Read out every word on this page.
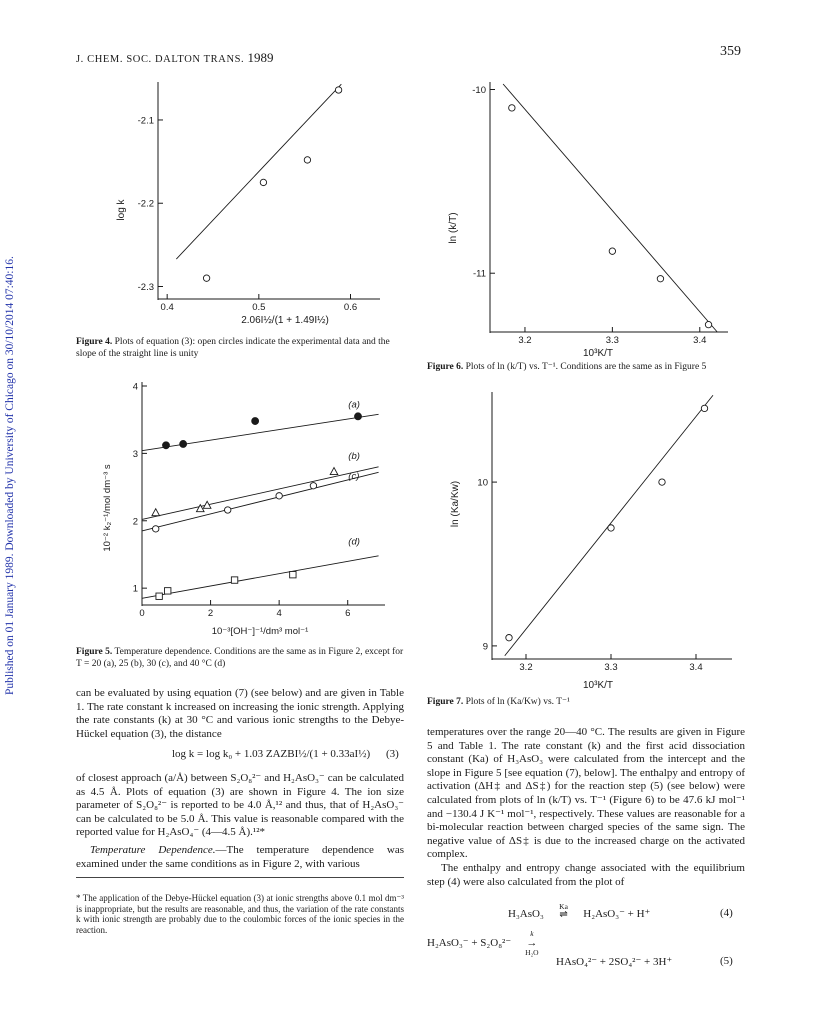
J. CHEM. SOC. DALTON TRANS. 1989	359
Published on 01 January 1989. Downloaded by University of Chicago on 30/10/2014 07:40:16.
-2.1
-2.2
-2.3
0.4	0.5	0.6
log k
2.06I½/(1 + 1.49I½)
Figure 4. Plots of equation (3): open circles indicate the experimental data and the slope of the straight line is unity
4
3
2
1
0	2	4	6
(a)
(b)
(c)
(d)
10⁻² k₂⁻¹/mol dm⁻³ s
10⁻³[OH⁻]⁻¹/dm³ mol⁻¹
Figure 5. Temperature dependence. Conditions are the same as in Figure 2, except for T = 20 (a), 25 (b), 30 (c), and 40 °C (d)

can be evaluated by using equation (7) (see below) and are given in Table 1. The rate constant k increased on increasing the ionic strength. Applying the rate constants (k) at 30 °C and various ionic strengths to the Debye-Hückel equation (3), the distance

log k = log k₀ + 1.03 ZAZBI½/(1 + 0.33aI½) (3)

of closest approach (a/Å) between S₂O₈²⁻ and H₂AsO₃⁻ can be calculated as 4.5 Å. Plots of equation (3) are shown in Figure 4. The ion size parameter of S₂O₈²⁻ is reported to be 4.0 Å,¹² and thus, that of H₂AsO₃⁻ can be calculated to be 5.0 Å. This value is reasonable compared with the reported value for H₂AsO₄⁻ (4—4.5 Å).¹²*

Temperature Dependence.—The temperature dependence was examined under the same conditions as in Figure 2, with various

* The application of the Debye-Hückel equation (3) at ionic strengths above 0.1 mol dm⁻³ is inappropriate, but the results are reasonable, and thus, the variation of the rate constants k with ionic strength are probably due to the coulombic forces of the ionic species in the reaction.
-10
-11
3.2	3.3	3.4
ln (k/T)
10³K/T
Figure 6. Plots of ln (k/T) vs. T⁻¹. Conditions are the same as in Figure 5
10
9
3.2	3.3	3.4
ln (Ka/Kw)
10³K/T
Figure 7. Plots of ln (Ka/Kw) vs. T⁻¹

temperatures over the range 20—40 °C. The results are given in Figure 5 and Table 1. The rate constant (k) and the first acid dissociation constant (Ka) of H₃AsO₃ were calculated from the intercept and the slope in Figure 5 [see equation (7), below]. The enthalpy and entropy of activation (ΔH‡ and ΔS‡) for the reaction step (5) (see below) were calculated from plots of ln (k/T) vs. T⁻¹ (Figure 6) to be 47.6 kJ mol⁻¹ and −130.4 J K⁻¹ mol⁻¹, respectively. These values are reasonable for a bi-molecular reaction between charged species of the same sign. The negative value of ΔS‡ is due to the increased charge on the activated complex.

The enthalpy and entropy change associated with the equilibrium step (4) were also calculated from the plot of

H₃AsO₃
Ka
⇌ H₂AsO₃⁻ + H⁺	(4)
H₂AsO₃⁻ + S₂O₈²⁻
k
→
H₂O
HAsO₄²⁻ + 2SO₄²⁻ + 3H⁺	(5)
